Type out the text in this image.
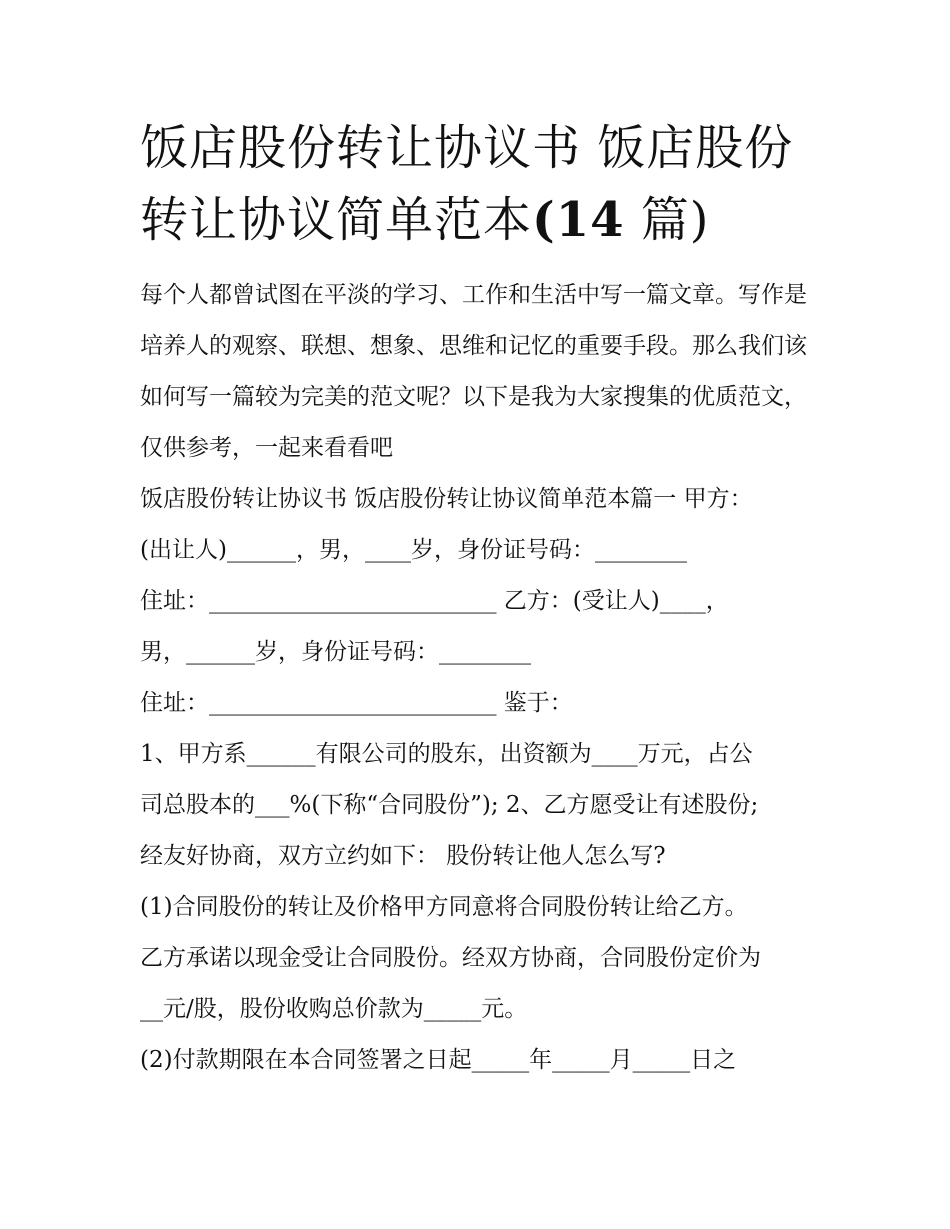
饭店股份转让协议书 饭店股份
转让协议简单范本(14 篇)

每个人都曾试图在平淡的学习、工作和生活中写一篇文章。写作是培养人的观察、联想、想象、思维和记忆的重要手段。那么我们该如何写一篇较为完美的范文呢？以下是我为大家搜集的优质范文，仅供参考，一起来看看吧

饭店股份转让协议书 饭店股份转让协议简单范本篇一 甲方：

(出让人)______，男，____岁，身份证号码：________

住址：_________________________ 乙方：(受让人)____，

男，______岁，身份证号码：________

住址：_________________________ 鉴于：

1、甲方系______有限公司的股东，出资额为____万元，占公

司总股本的___%(下称“合同股份”); 2、乙方愿受让有述股份;

经友好协商，双方立约如下： 股份转让他人怎么写?

(1)合同股份的转让及价格甲方同意将合同股份转让给乙方。

乙方承诺以现金受让合同股份。经双方协商，合同股份定价为

__元/股，股份收购总价款为_____元。

(2)付款期限在本合同签署之日起_____年_____月_____日之
